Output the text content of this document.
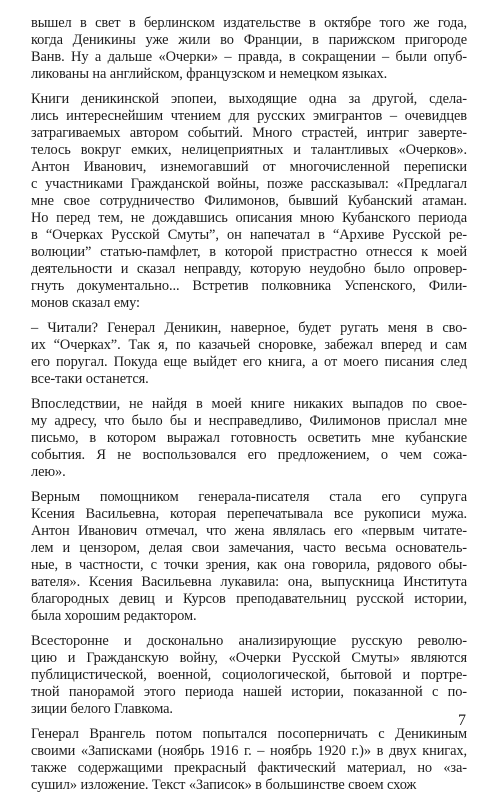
вышел в свет в берлинском издательстве в октябре того же года,
когда Деникины уже жили во Франции, в парижском пригороде
Ванв. Ну а дальше «Очерки» – правда, в сокращении – были опуб-
ликованы на английском, французском и немецком языках.

Книги деникинской эпопеи, выходящие одна за другой, сдела-
лись интереснейшим чтением для русских эмигрантов – очевидцев
затрагиваемых автором событий. Много страстей, интриг заверте-
телось вокруг емких, нелицеприятных и талантливых «Очерков».
Антон Иванович, изнемогавший от многочисленной переписки
с участниками Гражданской войны, позже рассказывал: «Предлагал
мне свое сотрудничество Филимонов, бывший Кубанский атаман.
Но перед тем, не дождавшись описания мною Кубанского периода
в “Очерках Русской Смуты”, он напечатал в “Архиве Русской ре-
волюции” статью-памфлет, в которой пристрастно отнесся к моей
деятельности и сказал неправду, которую неудобно было опровер-
гнуть документально... Встретив полковника Успенского, Фили-
монов сказал ему:

– Читали? Генерал Деникин, наверное, будет ругать меня в сво-
их “Очерках”. Так я, по казачьей сноровке, забежал вперед и сам
его поругал. Покуда еще выйдет его книга, а от моего писания след
все-таки останется.

Впоследствии, не найдя в моей книге никаких выпадов по свое-
му адресу, что было бы и несправедливо, Филимонов прислал мне
письмо, в котором выражал готовность осветить мне кубанские
события. Я не воспользовался его предложением, о чем сожа-
лею».

Верным помощником генерала-писателя стала его супруга
Ксения Васильевна, которая перепечатывала все рукописи мужа.
Антон Иванович отмечал, что жена являлась его «первым читате-
лем и цензором, делая свои замечания, часто весьма основатель-
ные, в частности, с точки зрения, как она говорила, рядового обы-
вателя». Ксения Васильевна лукавила: она, выпускница Института
благородных девиц и Курсов преподавательниц русской истории,
была хорошим редактором.

Всесторонне и досконально анализирующие русскую револю-
цию и Гражданскую войну, «Очерки Русской Смуты» являются
публицистической, военной, социологической, бытовой и портре-
тной панорамой этого периода нашей истории, показанной с по-
зиции белого Главкома.

Генерал Врангель потом попытался посоперничать с Деникиным
своими «Записками (ноябрь 1916 г. – ноябрь 1920 г.)» в двух книгах,
также содержащими прекрасный фактический материал, но «за-
сушил» изложение. Текст «Записок» в большинстве своем схож

7
